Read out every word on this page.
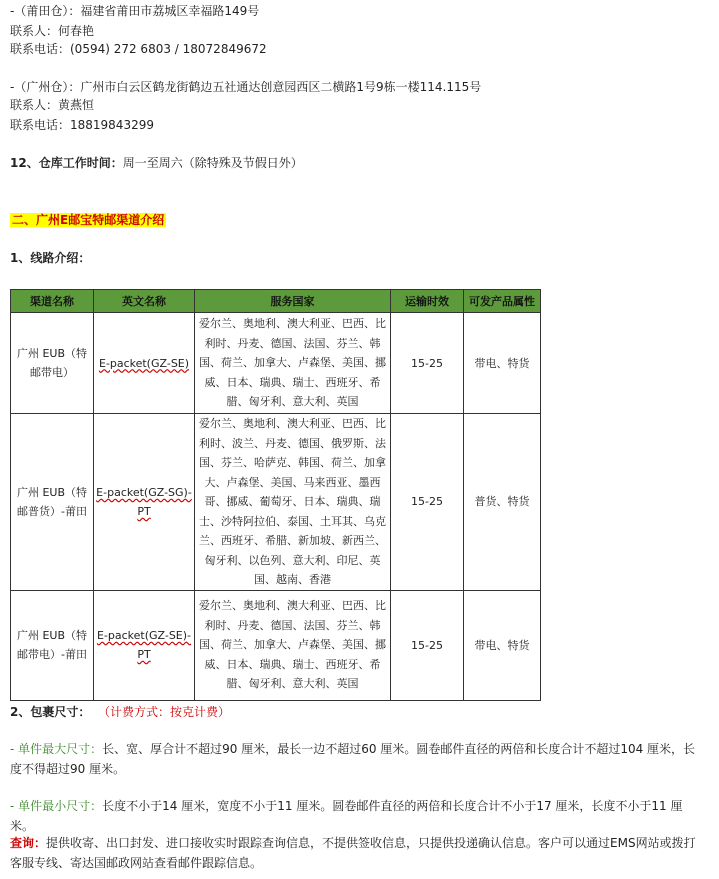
-（莆田仓）：福建省莆田市荔城区幸福路149号
联系人：何春艳
联系电话：(0594) 272 6803 / 18072849672
-（广州仓）：广州市白云区鹤龙街鹤边五社通达创意园西区二横路1号9栋一楼114.115号
联系人：黄燕恒
联系电话：18819843299
12、仓库工作时间：周一至周六（除特殊及节假日外）
二、广州E邮宝特邮渠道介绍
1、线路介绍：
渠道名称	英文名称	服务国家	运输时效	可发产品属性
广州 EUB（特邮带电）	E-packet(GZ-SE)	爱尔兰、奥地利、澳大利亚、巴西、比利时、丹麦、德国、法国、芬兰、韩国、荷兰、加拿大、卢森堡、美国、挪威、日本、瑞典、瑞士、西班牙、希腊、匈牙利、意大利、英国	15-25	带电、特货
广州 EUB（特邮普货）-莆田	E-packet(GZ-SG)-PT	爱尔兰、奥地利、澳大利亚、巴西、比利时、波兰、丹麦、德国、俄罗斯、法国、芬兰、哈萨克、韩国、荷兰、加拿大、卢森堡、美国、马来西亚、墨西哥、挪威、葡萄牙、日本、瑞典、瑞士、沙特阿拉伯、泰国、土耳其、乌克兰、西班牙、希腊、新加坡、新西兰、匈牙利、以色列、意大利、印尼、英国、越南、香港	15-25	普货、特货
广州 EUB（特邮带电）-莆田	E-packet(GZ-SE)-PT	爱尔兰、奥地利、澳大利亚、巴西、比利时、丹麦、德国、法国、芬兰、韩国、荷兰、加拿大、卢森堡、美国、挪威、日本、瑞典、瑞士、西班牙、希腊、匈牙利、意大利、英国	15-25	带电、特货
2、包裹尺寸： （计费方式：按克计费）
- 单件最大尺寸：长、宽、厚合计不超过90 厘米，最长一边不超过60 厘米。圆卷邮件直径的两倍和长度合计不超过104 厘米，长度不得超过90 厘米。
- 单件最小尺寸：长度不小于14 厘米，宽度不小于11 厘米。圆卷邮件直径的两倍和长度合计不小于17 厘米，长度不小于11 厘米。
查询：提供收寄、出口封发、进口接收实时跟踪查询信息，不提供签收信息，只提供投递确认信息。客户可以通过EMS网站或拨打客服专线、寄达国邮政网站查看邮件跟踪信息。
